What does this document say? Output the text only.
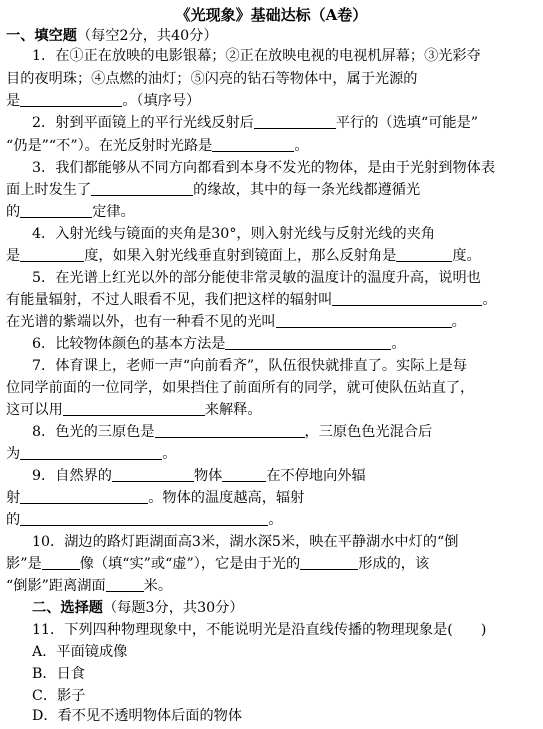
《光现象》基础达标（A卷）
一、填空题（每空2分，共40分）
1．在①正在放映的电影银幕；②正在放映电视的电视机屏幕；③光彩夺
目的夜明珠；④点燃的油灯；⑤闪亮的钻石等物体中，属于光源的
是	。（填序号）
2．射到平面镜上的平行光线反射后	平行的（选填“可能是”
“仍是”“不”）。在光反射时光路是	。
3．我们都能够从不同方向都看到本身不发光的物体，是由于光射到物体表
面上时发生了	的缘故，其中的每一条光线都遵循光
的	定律。
4．入射光线与镜面的夹角是30°，则入射光线与反射光线的夹角
是	度，如果入射光线垂直射到镜面上，那么反射角是	度。
5．在光谱上红光以外的部分能使非常灵敏的温度计的温度升高，说明也
有能量辐射，不过人眼看不见，我们把这样的辐射叫	。
在光谱的紫端以外，也有一种看不见的光叫	。
6．比较物体颜色的基本方法是	。
7．体育课上，老师一声“向前看齐”，队伍很快就排直了。实际上是每
位同学前面的一位同学，如果挡住了前面所有的同学，就可使队伍站直了，
这可以用	来解释。
8．色光的三原色是	，三原色色光混合后
为	。
9．自然界的	物体	在不停地向外辐
射	。物体的温度越高，辐射
的	。
10．湖边的路灯距湖面高3米，湖水深5米，映在平静湖水中灯的“倒
影”是	像（填“实”或“虚”），它是由于光的	形成的，该
“倒影”距离湖面	米。
二、选择题（每题3分，共30分）
11．下列四种物理现象中，不能说明光是沿直线传播的物理现象是( )
A．平面镜成像
B．日食
C．影子
D．看不见不透明物体后面的物体
